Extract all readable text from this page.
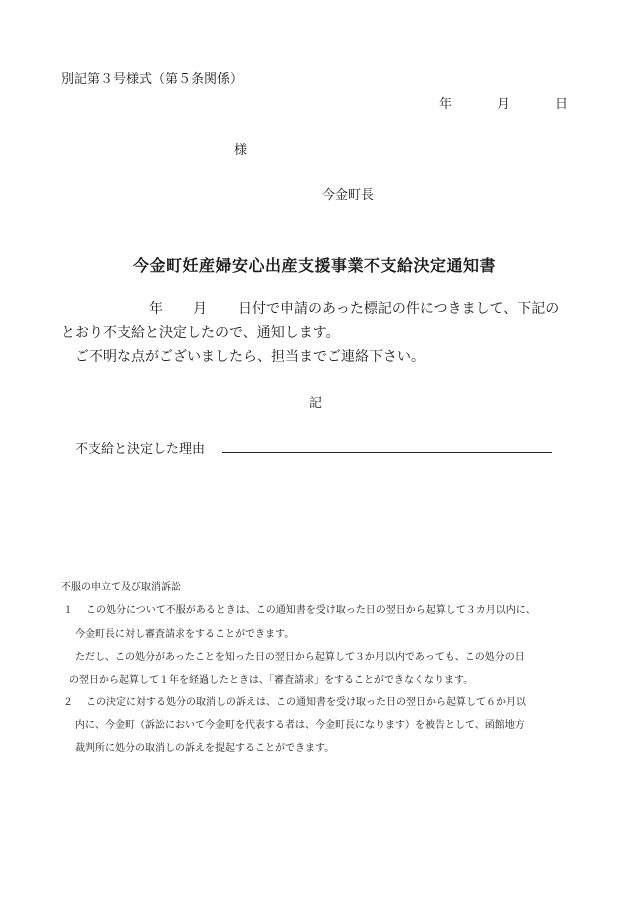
別記第３号様式（第５条関係）
年	月	日
様
今金町長
今金町妊産婦安心出産支援事業不支給決定通知書
年 月 日付で申請のあった標記の件につきまして、下記の
とおり不支給と決定したので、通知します。
ご不明な点がございましたら、担当までご連絡下さい。
記
不支給と決定した理由
不服の申立て及び取消訴訟
１ この処分について不服があるときは、この通知書を受け取った日の翌日から起算して３カ月以内に、
今金町長に対し審査請求をすることができます。
ただし、この処分があったことを知った日の翌日から起算して３か月以内であっても、この処分の日
の翌日から起算して１年を経過したときは、「審査請求」をすることができなくなります。
２ この決定に対する処分の取消しの訴えは、この通知書を受け取った日の翌日から起算して６か月以
内に、今金町（訴訟において今金町を代表する者は、今金町長になります）を被告として、函館地方
裁判所に処分の取消しの訴えを提起することができます。
